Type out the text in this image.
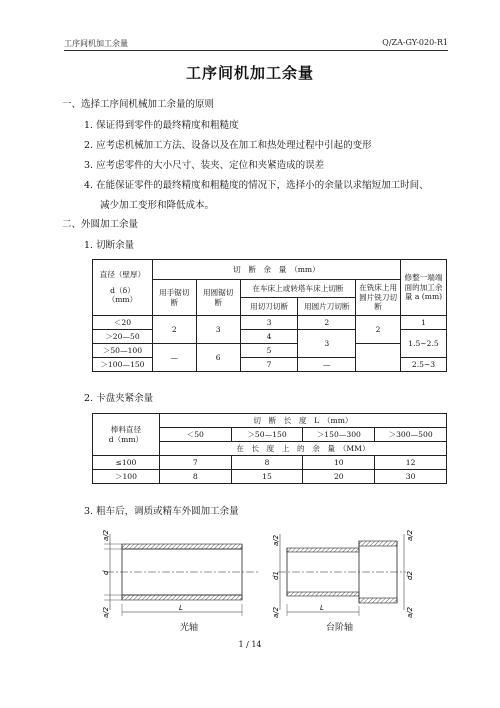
工序间机加工余量	Q/ZA-GY-020-R1
工序间机加工余量
一、选择工序间机械加工余量的原则
1. 保证得到零件的最终精度和粗糙度
2. 应考虑机械加工方法、设备以及在加工和热处理过程中引起的变形
3. 应考虑零件的大小尺寸、装夹、定位和夹紧造成的误差
4. 在能保证零件的最终精度和粗糙度的情况下，选择小的余量以求缩短加工时间、
减少加工变形和降低成本。
二、外圆加工余量
1. 切断余量
直径（壁厚）
d（δ）
（mm）	切　断　余　量　（mm）					修整一端端面的加工余量 a (mm)
	用手锯切　断	用圆锯切　断	在车床上或转塔车床上切断		在铣床上用圆片铣刀切断	
			用切刀切断	用圆片刀切断		
＜20	2	3	3	2	2	1
＞20—50			4	3		1.5~2.5
＞50—100	—	6	5			
＞100—150			7	—		2.5~3
2. 卡盘夹紧余量
棒料直径
d（mm）	切　断　长　度　L　（mm）			
	＜50	＞50—150	＞150—300	＞300—500
	在　长　度　上　的　余　量　（MM）			
≤100	7	8	10	12
＞100	8	15	20	30
3. 粗车后，调质或精车外圆加工余量
a/2
d
a/2	L
a/2
d1
a/2
a/2
d2
a/2
L
光轴	台阶轴
1 / 14
